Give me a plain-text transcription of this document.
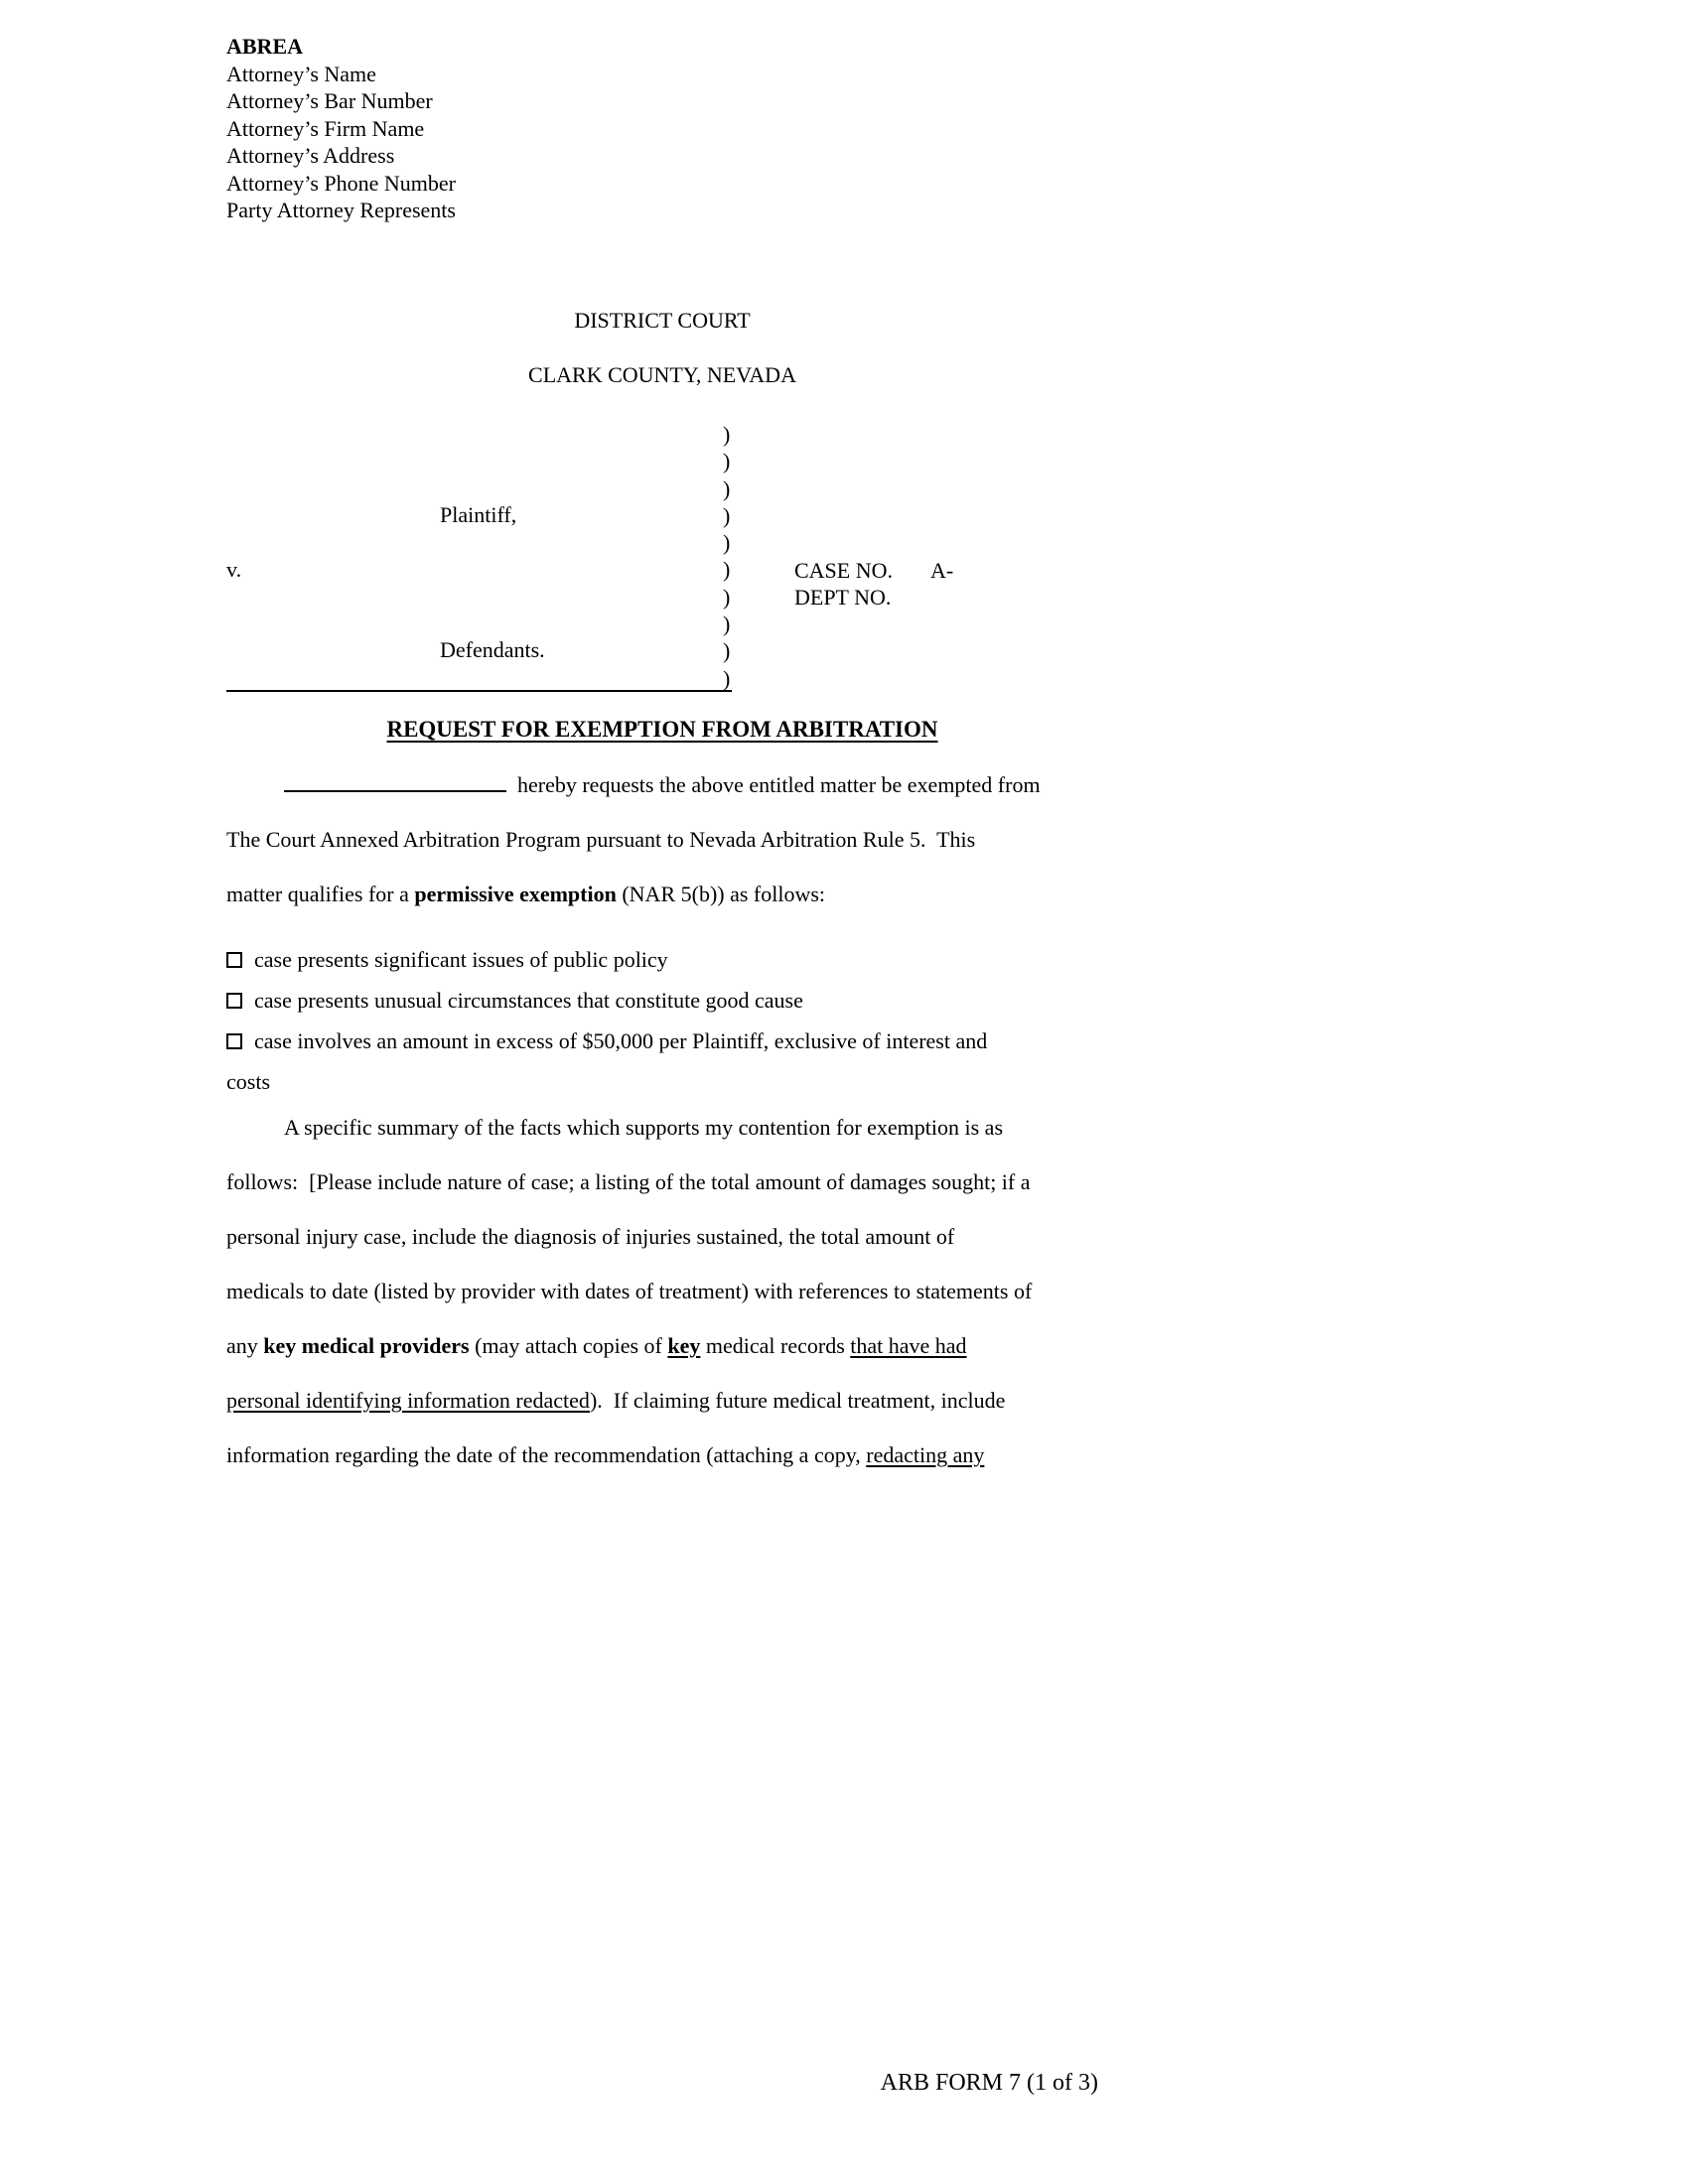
ABREA
Attorney’s Name
Attorney’s Bar Number
Attorney’s Firm Name
Attorney’s Address
Attorney’s Phone Number
Party Attorney Represents
DISTRICT COURT
CLARK COUNTY, NEVADA
)
)
)
)
)
)
)
)
)
)
Plaintiff,
v.
Defendants.
CASE NO. A-
DEPT NO.
REQUEST FOR EXEMPTION FROM ARBITRATION
hereby requests the above entitled matter be exempted from
The Court Annexed Arbitration Program pursuant to Nevada Arbitration Rule 5.  This
matter qualifies for a permissive exemption (NAR 5(b)) as follows:
case presents significant issues of public policy
case presents unusual circumstances that constitute good cause
case involves an amount in excess of $50,000 per Plaintiff, exclusive of interest and
costs
A specific summary of the facts which supports my contention for exemption is as
follows:  [Please include nature of case; a listing of the total amount of damages sought; if a
personal injury case, include the diagnosis of injuries sustained, the total amount of
medicals to date (listed by provider with dates of treatment) with references to statements of
any key medical providers (may attach copies of key medical records that have had
personal identifying information redacted).  If claiming future medical treatment, include
information regarding the date of the recommendation (attaching a copy, redacting any
ARB FORM 7 (1 of 3)
